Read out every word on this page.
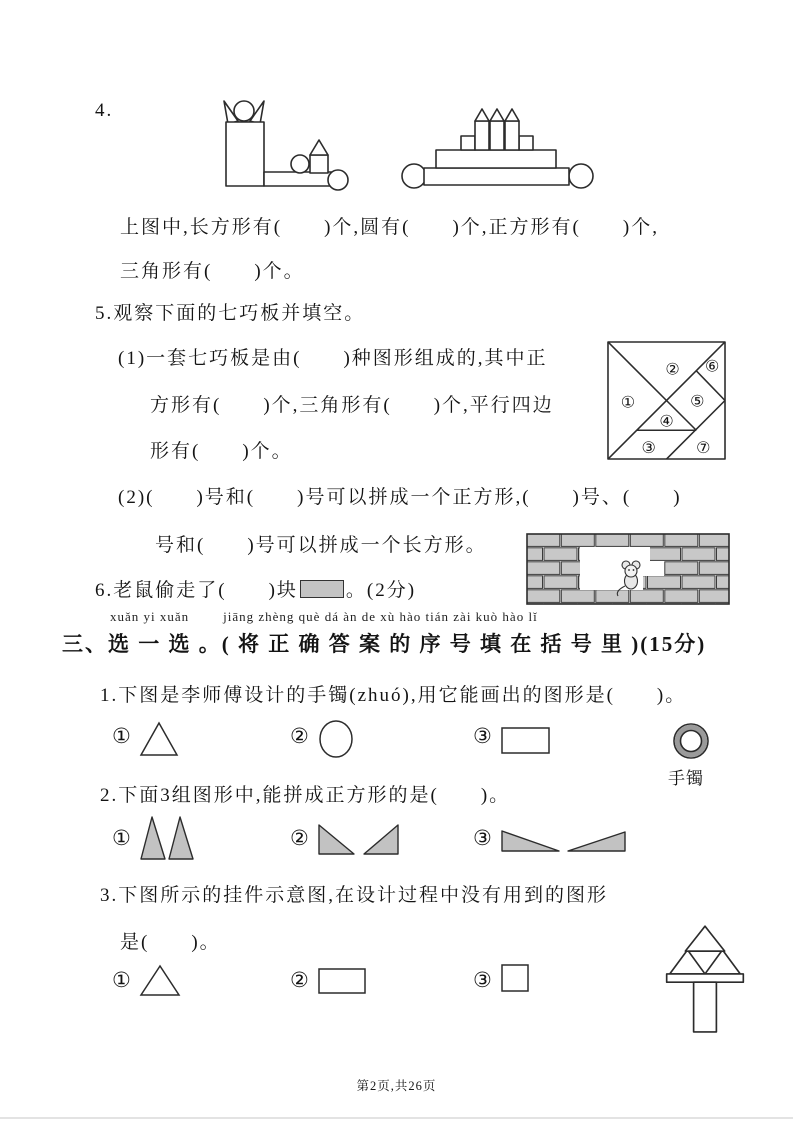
4.
上图中,长方形有(　　)个,圆有(　　)个,正方形有(　　)个,
三角形有(　　)个。
5.观察下面的七巧板并填空。
(1)一套七巧板是由(　　)种图形组成的,其中正
方形有(　　)个,三角形有(　　)个,平行四边
形有(　　)个。
①
②
③
④
⑤
⑥
⑦
(2)(　　)号和(　　)号可以拼成一个正方形,(　　)号、(　　)
号和(　　)号可以拼成一个长方形。
6.老鼠偷走了(　　)块	。(2分)
xuǎn yi xuǎn        jiāng zhèng què dá àn de xù hào tián zài kuò hào lǐ
三、选 一 选 。( 将 正 确 答 案 的 序 号 填 在 括 号 里 )(15分)
1.下图是李师傅设计的手镯(zhuó),用它能画出的图形是(　　)。
①	②	③
手镯
2.下面3组图形中,能拼成正方形的是(　　)。
①	②	③
3.下图所示的挂件示意图,在设计过程中没有用到的图形
是(　　)。
①	②	③
第2页,共26页
